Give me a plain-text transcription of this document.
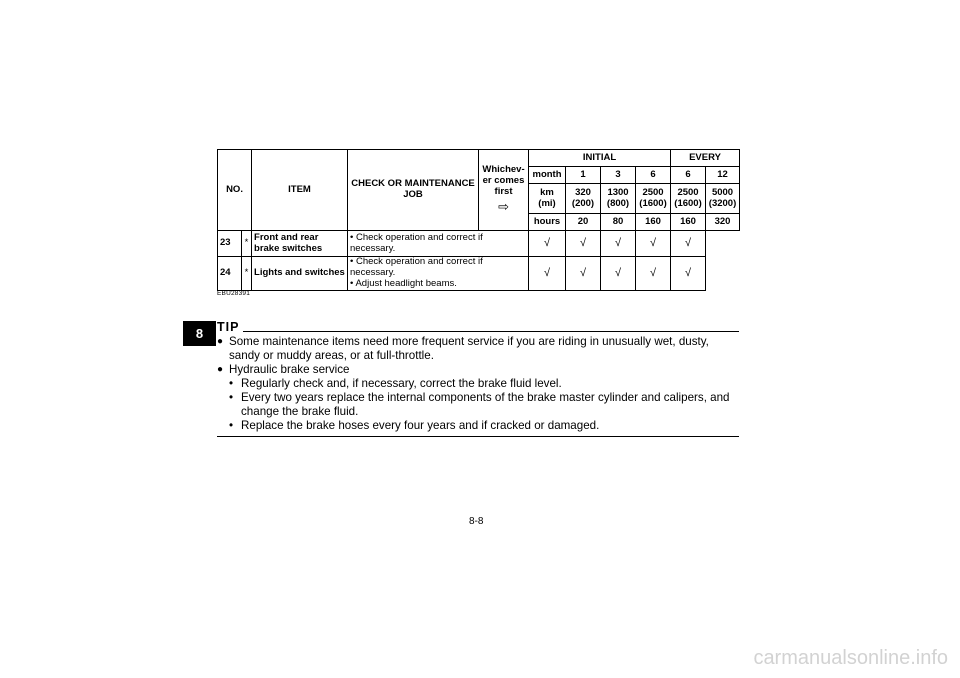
NO.		ITEM	CHECK OR MAINTENANCE JOB	Whichev-er comes first
⇨	INITIAL				EVERY	
					month	1	3	6	6	12
					km (mi)	320 (200)	1300 (800)	2500 (1600)	2500 (1600)	5000 (3200)
					hours	20	80	160	160	320
23	*	Front and rear brake switches	• Check operation and correct if necessary.		√	√	√	√	√	
24	*	Lights and switches	• Check operation and correct if necessary.
• Adjust headlight beams.		√	√	√	√	√	
EBU28391
TIP
● Some maintenance items need more frequent service if you are riding in unusually wet, dusty, sandy or muddy areas, or at full-throttle.
● Hydraulic brake service
• Regularly check and, if necessary, correct the brake fluid level.
• Every two years replace the internal components of the brake master cylinder and calipers, and change the brake fluid.
• Replace the brake hoses every four years and if cracked or damaged.
8
8-8
carmanualsonline.info
